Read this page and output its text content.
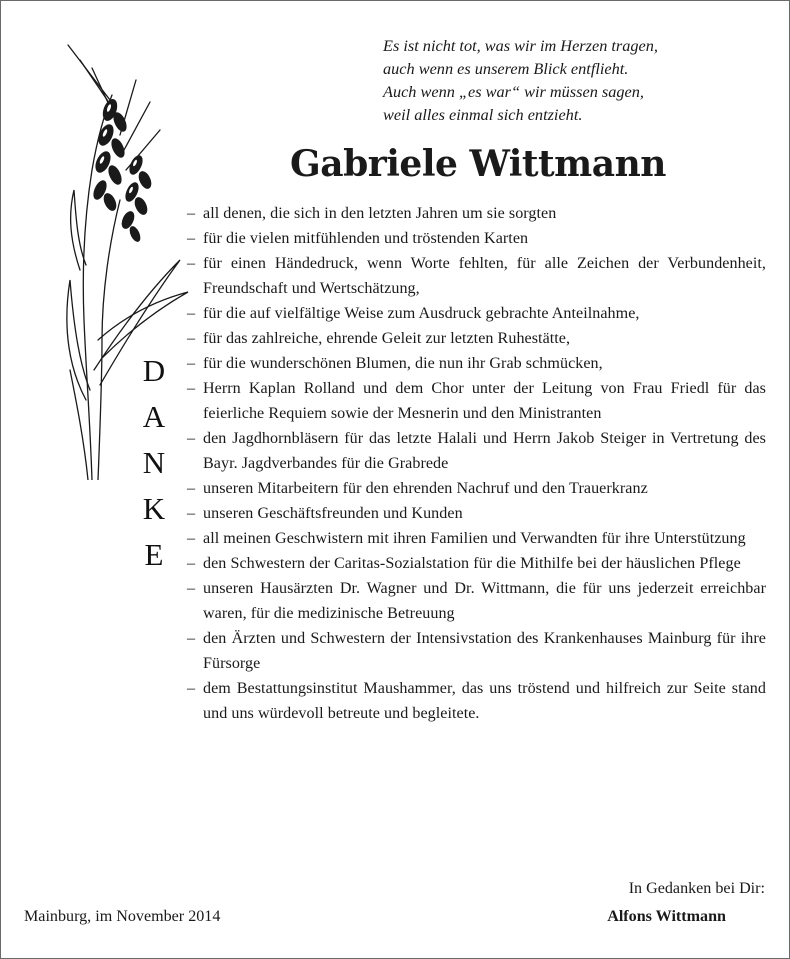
Es ist nicht tot, was wir im Herzen tragen,
auch wenn es unserem Blick entflieht.
Auch wenn „es war“ wir müssen sagen,
weil alles einmal sich entzieht.
Gabriele Wittmann
D
A
N
K
E
– all denen, die sich in den letzten Jahren um sie sorgten
– für die vielen mitfühlenden und tröstenden Karten
– für einen Händedruck, wenn Worte fehlten, für alle Zeichen der Verbundenheit, Freundschaft und Wertschätzung,
– für die auf vielfältige Weise zum Ausdruck gebrachte Anteilnahme,
– für das zahlreiche, ehrende Geleit zur letzten Ruhestätte,
– für die wunderschönen Blumen, die nun ihr Grab schmücken,
– Herrn Kaplan Rolland und dem Chor unter der Leitung von Frau Friedl für das feierliche Requiem sowie der Mesnerin und den Ministranten
– den Jagdhornbläsern für das letzte Halali und Herrn Jakob Steiger in Vertretung des Bayr. Jagdverbandes für die Grabrede
– unseren Mitarbeitern für den ehrenden Nachruf und den Trauerkranz
– unseren Geschäftsfreunden und Kunden
– all meinen Geschwistern mit ihren Familien und Verwandten für ihre Unterstützung
– den Schwestern der Caritas-Sozialstation für die Mithilfe bei der häuslichen Pflege
– unseren Hausärzten Dr. Wagner und Dr. Wittmann, die für uns jederzeit erreichbar waren, für die medizinische Betreuung
– den Ärzten und Schwestern der Intensivstation des Krankenhauses Mainburg für ihre Fürsorge
– dem Bestattungsinstitut Maushammer, das uns tröstend und hilfreich zur Seite stand und uns würdevoll betreute und begleitete.
In Gedanken bei Dir:
Mainburg, im November 2014	Alfons Wittmann
